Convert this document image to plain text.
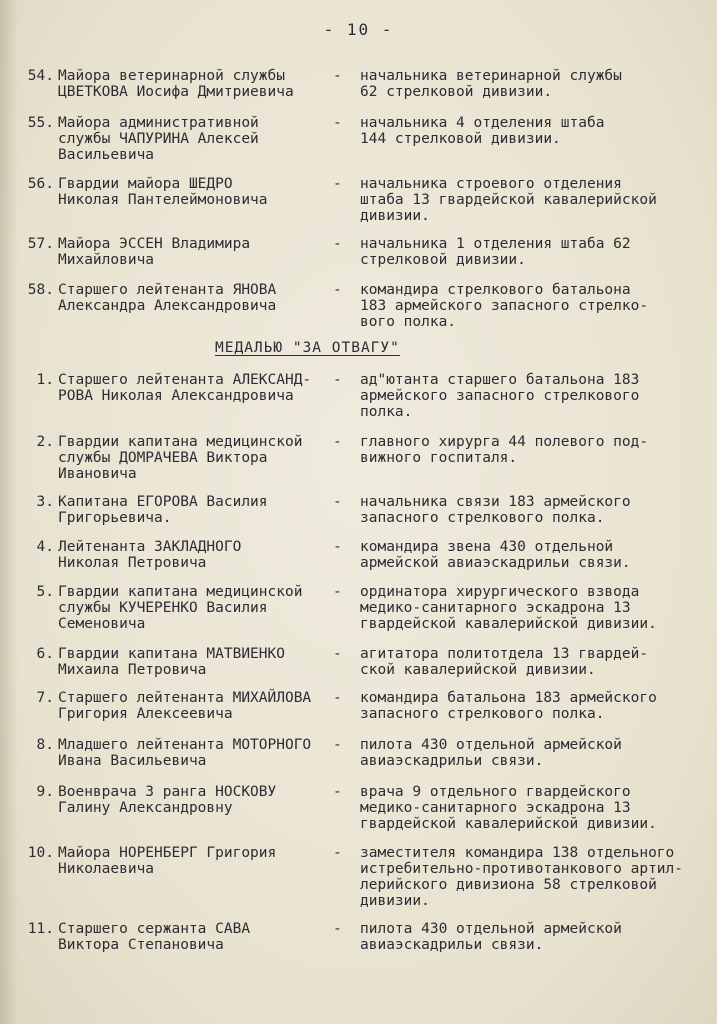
- 10 -
54. Майора ветеринарной службы
ЦВЕТКОВА Иосифа Дмитриевича
- начальника ветеринарной службы
62 стрелковой дивизии.
55. Майора административной
службы ЧАПУРИНА Алексей
Васильевича
- начальника 4 отделения штаба
144 стрелковой дивизии.
56. Гвардии майора ШЕДРО
Николая Пантелеймоновича
- начальника строевого отделения
штаба 13 гвардейской кавалерийской
дивизии.
57. Майора ЭССЕН Владимира
Михайловича
- начальника 1 отделения штаба 62
стрелковой дивизии.
58. Старшего лейтенанта ЯНОВА
Александра Александровича
- командира стрелкового батальона
183 армейского запасного стрелко-
вого полка.
МЕДАЛЬЮ "ЗА ОТВАГУ"
1. Старшего лейтенанта АЛЕКСАНД-
РОВА Николая Александровича
- ад"ютанта старшего батальона 183
армейского запасного стрелкового
полка.
2. Гвардии капитана медицинской
службы ДОМРАЧЕВА Виктора
Ивановича
- главного хирурга 44 полевого под-
вижного госпиталя.
3. Капитана ЕГОРОВА Василия
Григорьевича.
- начальника связи 183 армейского
запасного стрелкового полка.
4. Лейтенанта ЗАКЛАДНОГО
Николая Петровича
- командира звена 430 отдельной
армейской авиаэскадрильи связи.
5. Гвардии капитана медицинской
службы КУЧЕРЕНКО Василия
Семеновича
- ординатора хирургического взвода
медико-санитарного эскадрона 13
гвардейской кавалерийской дивизии.
6. Гвардии капитана МАТВИЕНКО
Михаила Петровича
- агитатора политотдела 13 гвардей-
ской кавалерийской дивизии.
7. Старшего лейтенанта МИХАЙЛОВА
Григория Алексеевича
- командира батальона 183 армейского
запасного стрелкового полка.
8. Младшего лейтенанта МОТОРНОГО
Ивана Васильевича
- пилота 430 отдельной армейской
авиаэскадрильи связи.
9. Военврача 3 ранга НОСКОВУ
Галину Александровну
- врача 9 отдельного гвардейского
медико-санитарного эскадрона 13
гвардейской кавалерийской дивизии.
10. Майора НОРЕНБЕРГ Григория
Николаевича
- заместителя командира 138 отдельного
истребительно-противотанкового артил-
лерийского дивизиона 58 стрелковой
дивизии.
11. Старшего сержанта САВА
Виктора Степановича
- пилота 430 отдельной армейской
авиаэскадрильи связи.
